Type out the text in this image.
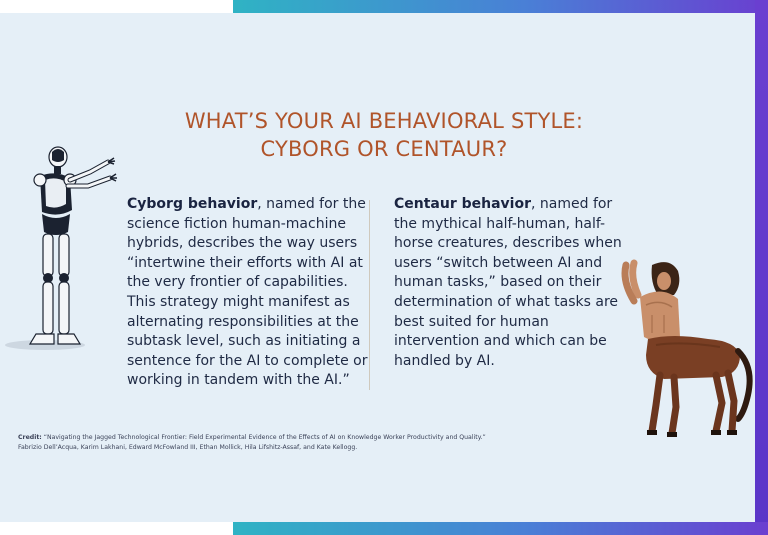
WHAT’S YOUR AI BEHAVIORAL STYLE:
CYBORG OR CENTAUR?
Cyborg behavior, named for the science fiction human-machine hybrids, describes the way users “intertwine their efforts with AI at the very frontier of capabilities. This strategy might manifest as alternating responsibilities at the subtask level, such as initiating a sentence for the AI to complete or working in tandem with the AI.”
Centaur behavior, named for the mythical half-human, half-horse creatures, describes when users “switch between AI and human tasks,” based on their determination of what tasks are best suited for human intervention and which can be handled by AI.
Credit: “Navigating the Jagged Technological Frontier: Field Experimental Evidence of the Effects of AI on Knowledge Worker Productivity and Quality.”
Fabrizio Dell’Acqua, Karim Lakhani, Edward McFowland III, Ethan Mollick, Hila Lifshitz-Assaf, and Kate Kellogg.
